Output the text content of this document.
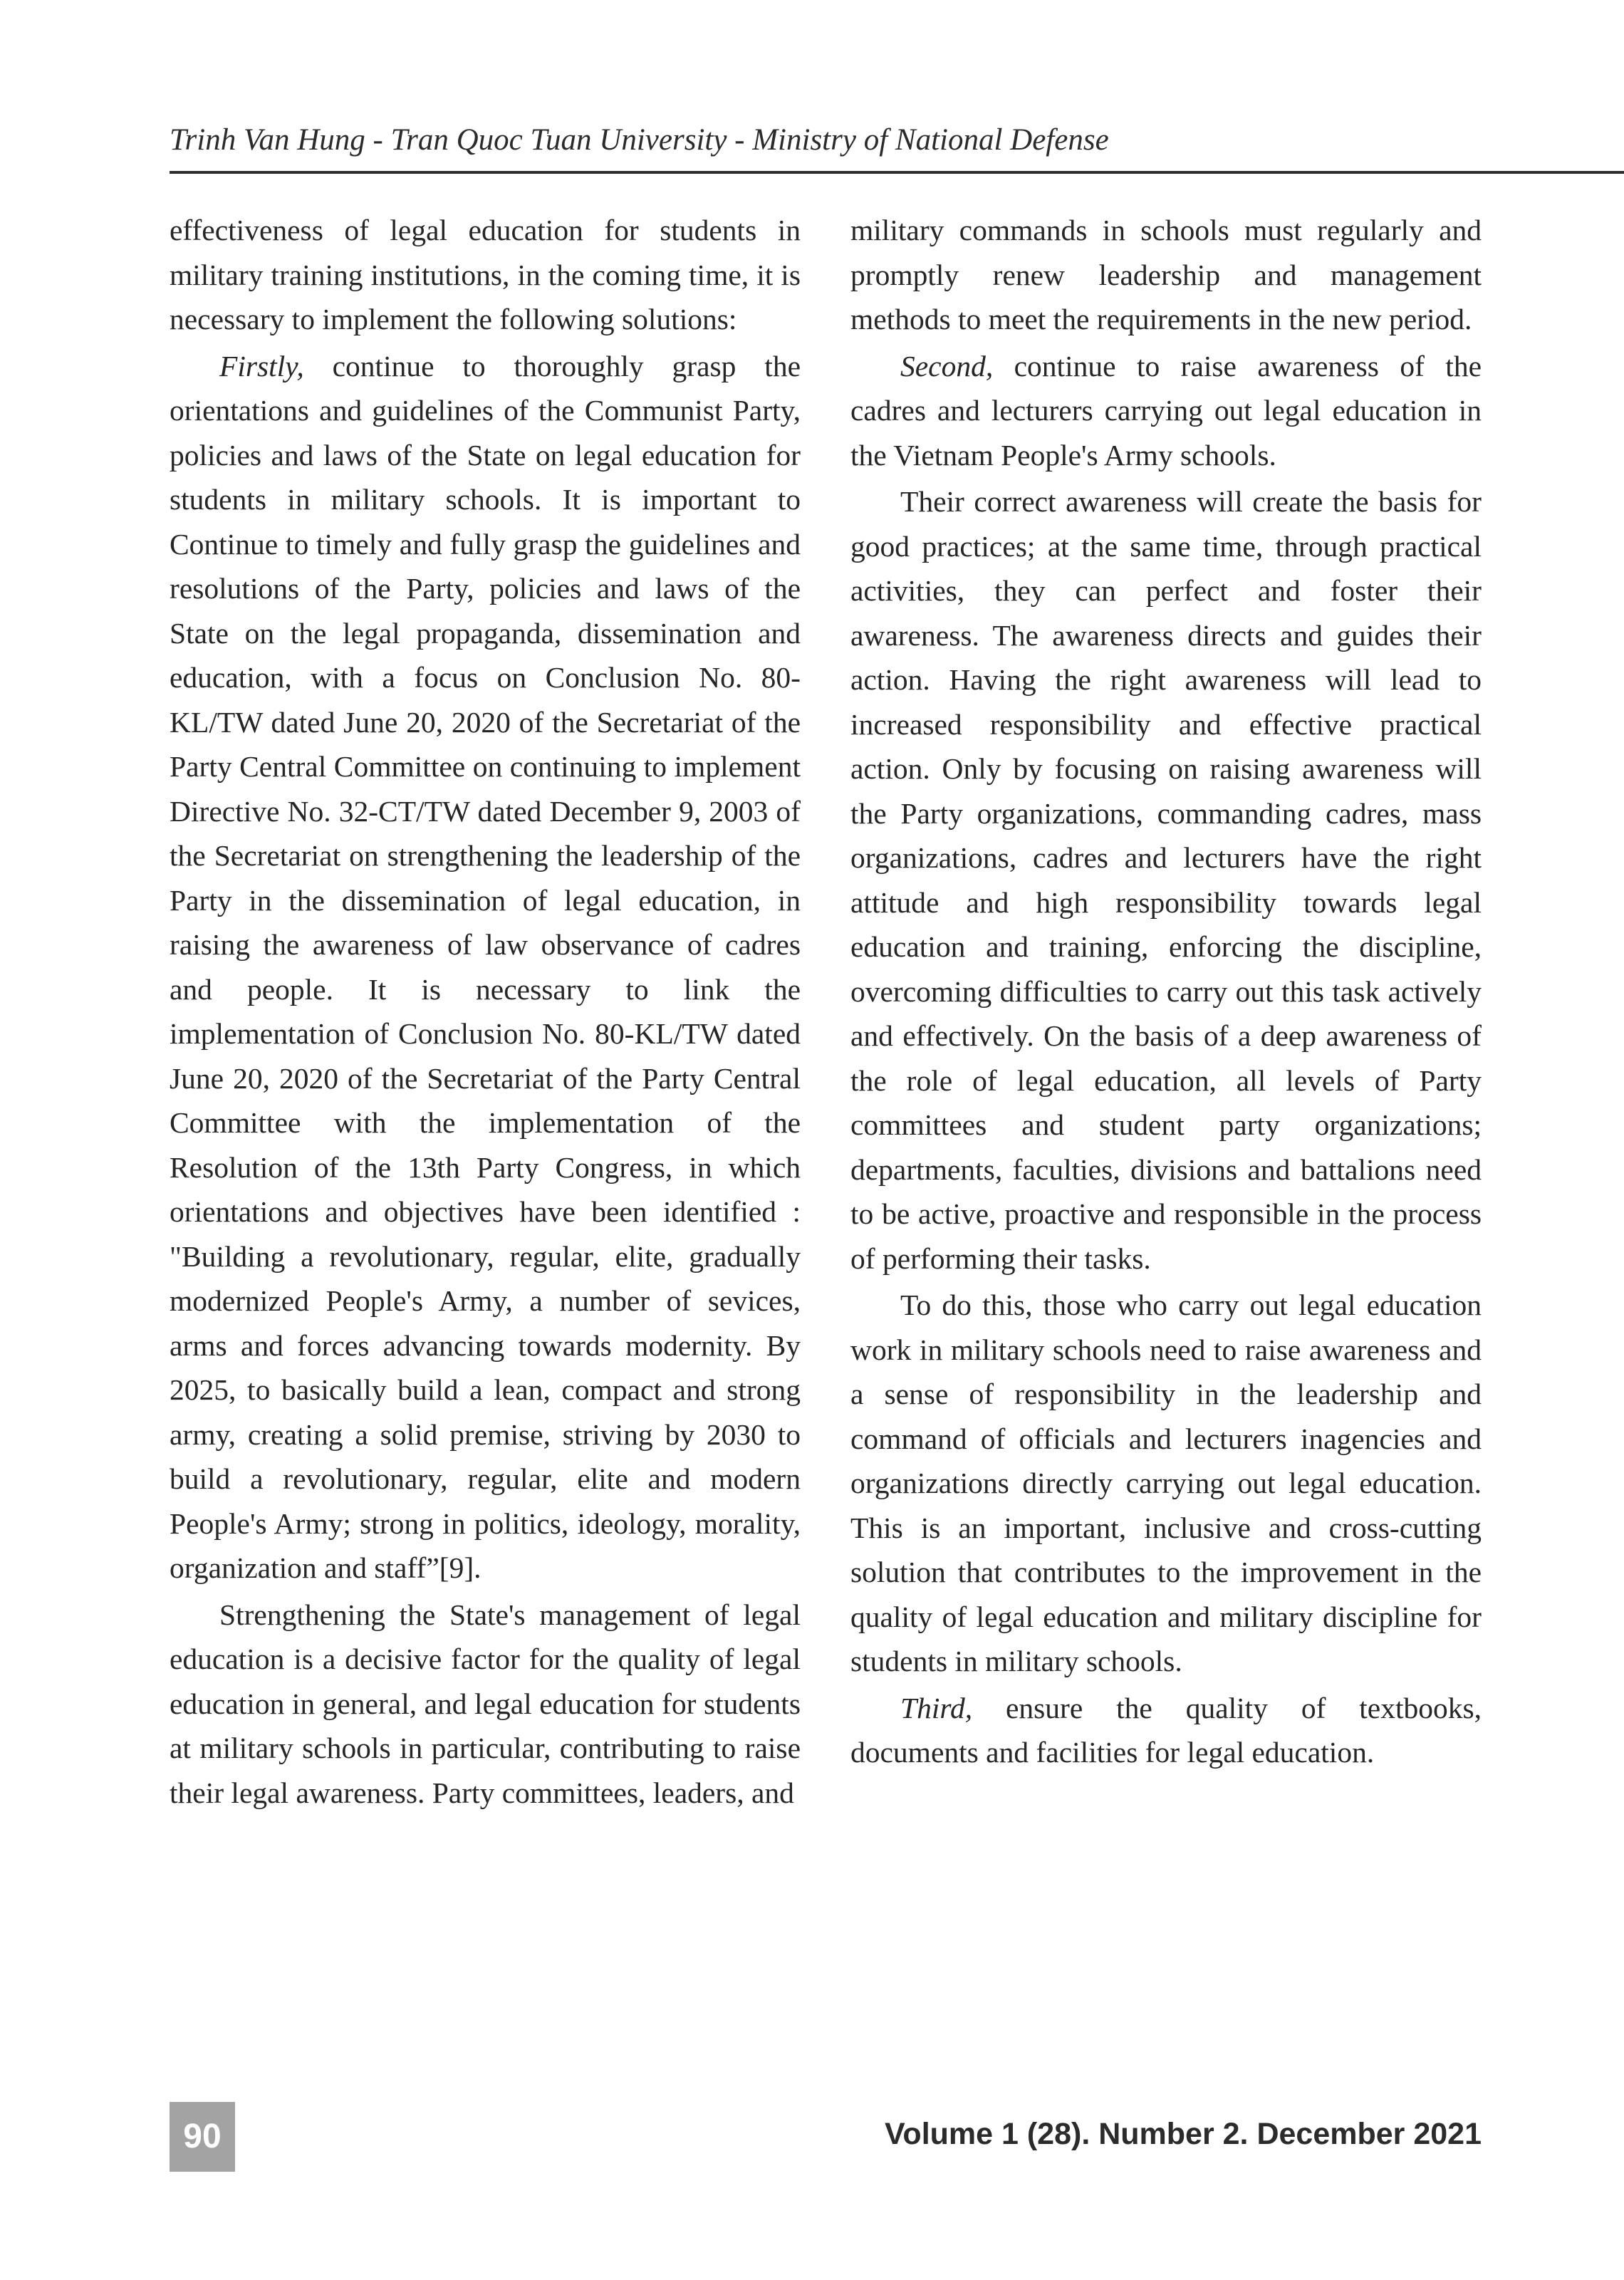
Trinh Van Hung - Tran Quoc Tuan University - Ministry of National Defense

effectiveness of legal education for students in military training institutions, in the coming time, it is necessary to implement the following solutions:

Firstly, continue to thoroughly grasp the orientations and guidelines of the Communist Party, policies and laws of the State on legal education for students in military schools. It is important to Continue to timely and fully grasp the guidelines and resolutions of the Party, policies and laws of the State on the legal propaganda, dissemination and education, with a focus on Conclusion No. 80- KL/TW dated June 20, 2020 of the Secretariat of the Party Central Committee on continuing to implement Directive No. 32-CT/TW dated December 9, 2003 of the Secretariat on strengthening the leadership of the Party in the dissemination of legal education, in raising the awareness of law observance of cadres and people. It is necessary to link the implementation of Conclusion No. 80-KL/TW dated June 20, 2020 of the Secretariat of the Party Central Committee with the implementation of the Resolution of the 13th Party Congress, in which orientations and objectives have been identified : "Building a revolutionary, regular, elite, gradually modernized People's Army, a number of sevices, arms and forces advancing towards modernity. By 2025, to basically build a lean, compact and strong army, creating a solid premise, striving by 2030 to build a revolutionary, regular, elite and modern People's Army; strong in politics, ideology, morality, organization and staff”[9].

Strengthening the State's management of legal education is a decisive factor for the quality of legal education in general, and legal education for students at military schools in particular, contributing to raise their legal awareness. Party committees, leaders, and

military commands in schools must regularly and promptly renew leadership and management methods to meet the requirements in the new period.

Second, continue to raise awareness of the cadres and lecturers carrying out legal education in the Vietnam People's Army schools.

Their correct awareness will create the basis for good practices; at the same time, through practical activities, they can perfect and foster their awareness. The awareness directs and guides their action. Having the right awareness will lead to increased responsibility and effective practical action. Only by focusing on raising awareness will the Party organizations, commanding cadres, mass organizations, cadres and lecturers have the right attitude and high responsibility towards legal education and training, enforcing the discipline, overcoming difficulties to carry out this task actively and effectively. On the basis of a deep awareness of the role of legal education, all levels of Party committees and student party organizations; departments, faculties, divisions and battalions need to be active, proactive and responsible in the process of performing their tasks.

To do this, those who carry out legal education work in military schools need to raise awareness and a sense of responsibility in the leadership and command of officials and lecturers inagencies and organizations directly carrying out legal education. This is an important, inclusive and cross-cutting solution that contributes to the improvement in the quality of legal education and military discipline for students in military schools.

Third, ensure the quality of textbooks, documents and facilities for legal education.

90	Volume 1 (28). Number 2. December 2021
